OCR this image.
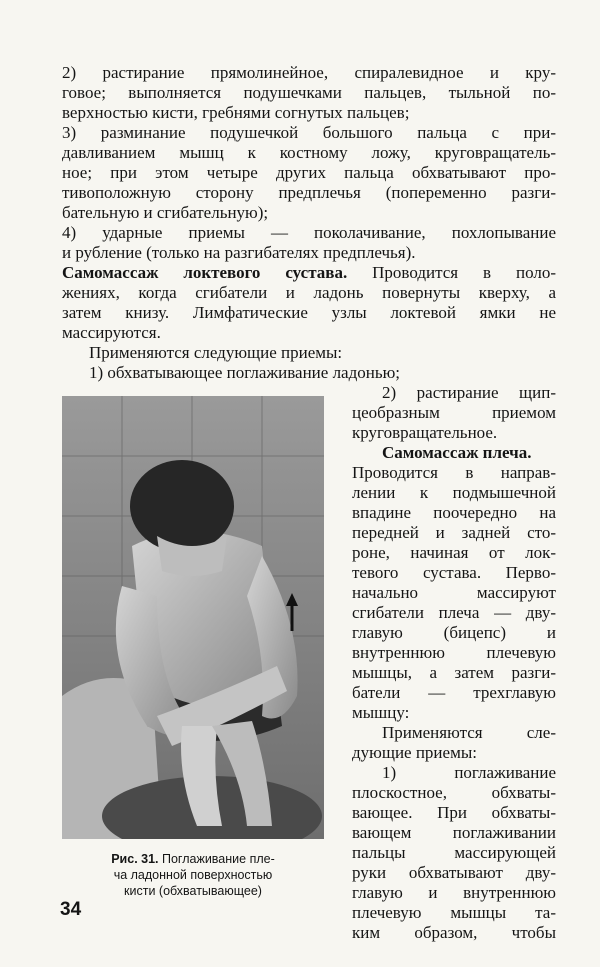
2) растирание прямолинейное, спиралевидное и кру-
говое; выполняется подушечками пальцев, тыльной по-
верхностью кисти, гребнями согнутых пальцев;
3) разминание подушечкой большого пальца с при-
давливанием мышц к костному ложу, круговращатель-
ное; при этом четыре других пальца обхватывают про-
тивоположную сторону предплечья (попеременно разги-
бательную и сгибательную);
4) ударные приемы — поколачивание, похлопывание
и рубление (только на разгибателях предплечья).
Самомассаж локтевого сустава. Проводится в поло-
жениях, когда сгибатели и ладонь повернуты кверху, а
затем книзу. Лимфатические узлы локтевой ямки не
массируются.
Применяются следующие приемы:
1) обхватывающее поглаживание ладонью;
Рис. 31. Поглаживание пле-
ча ладонной поверхностью
кисти (обхватывающее)
2) растирание щип-
цеобразным приемом
круговращательное.
Самомассаж плеча.
Проводится в направ-
лении к подмышечной
впадине поочередно на
передней и задней сто-
роне, начиная от лок-
тевого сустава. Перво-
начально массируют
сгибатели плеча — дву-
главую (бицепс) и
внутреннюю плечевую
мышцы, а затем разги-
батели — трехглавую
мышцу:
Применяются сле-
дующие приемы:
1) поглаживание
плоскостное, обхваты-
вающее. При обхваты-
вающем поглаживании
пальцы массирующей
руки обхватывают дву-
главую и внутреннюю
плечевую мышцы та-
ким образом, чтобы
34
